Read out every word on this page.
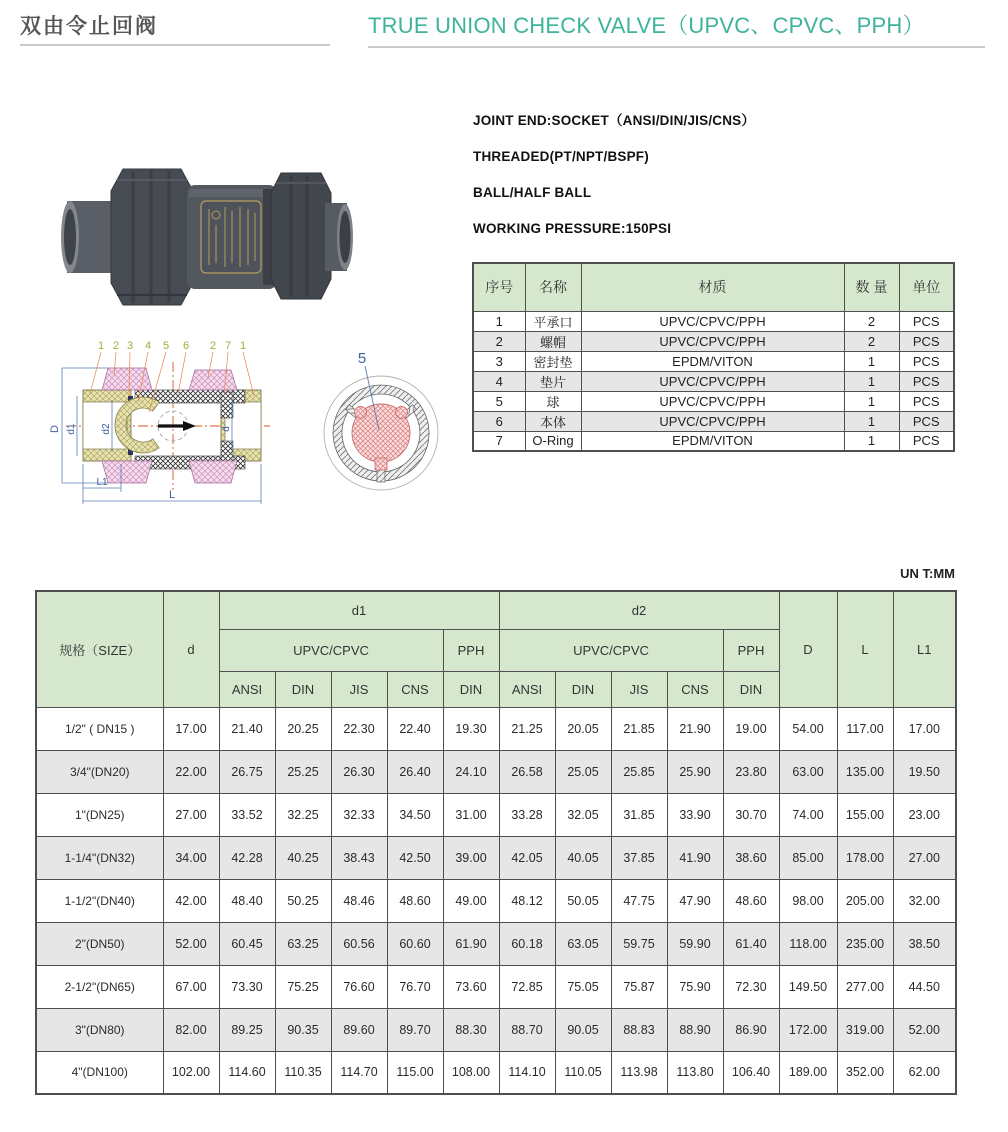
双由令止回阀	TRUE UNION CHECK VALVE（UPVC、CPVC、PPH）
JOINT END:SOCKET（ANSI/DIN/JIS/CNS）
THREADED(PT/NPT/BSPF)
BALL/HALF BALL
WORKING PRESSURE:150PSI
序号	名称	材质	数 量	单位
1	平承口	UPVC/CPVC/PPH	2	PCS
2	螺帽	UPVC/CPVC/PPH	2	PCS
3	密封垫	EPDM/VITON	1	PCS
4	垫片	UPVC/CPVC/PPH	1	PCS
5	球	UPVC/CPVC/PPH	1	PCS
6	本体	UPVC/CPVC/PPH	1	PCS
7	O-Ring	EPDM/VITON	1	PCS
D d1 d2	d
L1
L
1 2 3 4 5 6 2 7 1
5
UN T:MM
规格（SIZE）	d	d1					d2					D	L	L1
		UPVC/CPVC				PPH	UPVC/CPVC				PPH			
		ANSI	DIN	JIS	CNS	DIN	ANSI	DIN	JIS	CNS	DIN			
1/2" ( DN15 )	17.00	21.40	20.25	22.30	22.40	19.30	21.25	20.05	21.85	21.90	19.00	54.00	117.00	17.00
3/4"(DN20)	22.00	26.75	25.25	26.30	26.40	24.10	26.58	25.05	25.85	25.90	23.80	63.00	135.00	19.50
1"(DN25)	27.00	33.52	32.25	32.33	34.50	31.00	33.28	32.05	31.85	33.90	30.70	74.00	155.00	23.00
1-1/4"(DN32)	34.00	42.28	40.25	38.43	42.50	39.00	42.05	40.05	37.85	41.90	38.60	85.00	178.00	27.00
1-1/2"(DN40)	42.00	48.40	50.25	48.46	48.60	49.00	48.12	50.05	47.75	47.90	48.60	98.00	205.00	32.00
2"(DN50)	52.00	60.45	63.25	60.56	60.60	61.90	60.18	63.05	59.75	59.90	61.40	118.00	235.00	38.50
2-1/2"(DN65)	67.00	73.30	75.25	76.60	76.70	73.60	72.85	75.05	75.87	75.90	72.30	149.50	277.00	44.50
3"(DN80)	82.00	89.25	90.35	89.60	89.70	88.30	88.70	90.05	88.83	88.90	86.90	172.00	319.00	52.00
4"(DN100)	102.00	114.60	110.35	114.70	115.00	108.00	114.10	110.05	113.98	113.80	106.40	189.00	352.00	62.00
